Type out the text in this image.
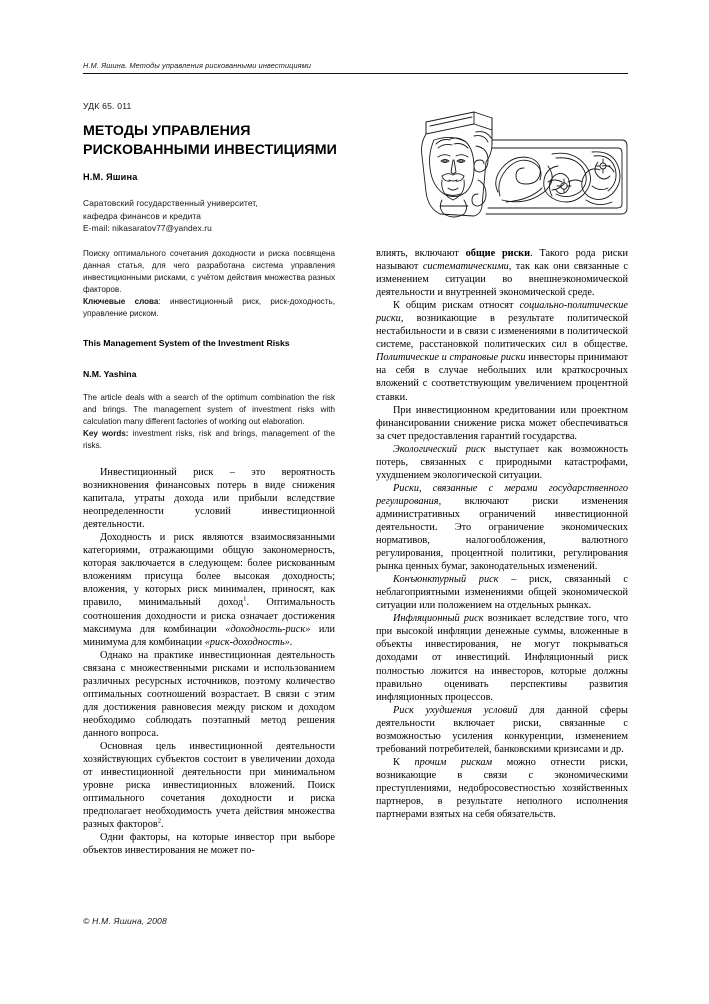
Н.М. Яшина. Методы управления рискованными инвестициями
УДК 65. 011
МЕТОДЫ УПРАВЛЕНИЯ РИСКОВАННЫМИ ИНВЕСТИЦИЯМИ
Н.М. Яшина
Саратовский государственный университет,
кафедра финансов и кредита
E-mail: nikasaratov77@yandex.ru

Поиску оптимального сочетания доходности и риска посвящена данная статья, для чего разработана система управления инвестиционными рисками, с учётом действия множества разных факторов.

Ключевые слова: инвестиционный риск, риск-доходность, управление риском.

This Management System of the Investment Risks
N.M. Yashina

The article deals with a search of the optimum combination the risk and brings. The management system of investment risks with calculation many different factories of working out elaboration.

Key words: investment risks, risk and brings, management of the risks.

Инвестиционный риск – это вероятность возникновения финансовых потерь в виде снижения капитала, утраты дохода или прибыли вследствие неопределенности условий инвестиционной деятельности.

Доходность и риск являются взаимосвязанными категориями, отражающими общую закономерность, которая заключается в следующем: более рискованным вложениям присуща более высокая доходность; вложения, у которых риск минимален, приносят, как правило, минимальный доход$^1$. Оптимальность соотношения доходности и риска означает достижения максимума для комбинации «доходность-риск» или минимума для комбинации «риск-доходность».

Однако на практике инвестиционная деятельность связана с множественными рисками и использованием различных ресурсных источников, поэтому количество оптимальных соотношений возрастает. В связи с этим для достижения равновесия между риском и доходом необходимо соблюдать поэтапный метод решения данного вопроса.

Основная цель инвестиционной деятельности хозяйствующих субъектов состоит в увеличении дохода от инвестиционной деятельности при минимальном уровне риска инвестиционных вложений. Поиск оптимального сочетания доходности и риска предполагает необходимость учета действия множества разных факторов$^2$.

Одни факторы, на которые инвестор при выборе объектов инвестирования не может по-

влиять, включают общие риски. Такого рода риски называют систематическими, так как они связанные с изменением ситуации во внешнеэкономической деятельности и внутренней экономической среде.

К общим рискам относят социально-политические риски, возникающие в результате политической нестабильности и в связи с изменениями в политической системе, расстановкой политических сил в обществе. Политические и страновые риски инвесторы принимают на себя в случае небольших или краткосрочных вложений с соответствующим увеличением процентной ставки.

При инвестиционном кредитовании или проектном финансировании снижение риска может обеспечиваться за счет предоставления гарантий государства.

Экологический риск выступает как возможность потерь, связанных с природными катастрофами, ухудшением экологической ситуации.

Риски, связанные с мерами государственного регулирования, включают риски изменения административных ограничений инвестиционной деятельности. Это ограничение экономических нормативов, налогообложения, валютного регулирования, процентной политики, регулирования рынка ценных бумаг, законодательных изменений.

Конъюнктурный риск – риск, связанный с неблагоприятными изменениями общей экономической ситуации или положением на отдельных рынках.

Инфляционный риск возникает вследствие того, что при высокой инфляции денежные суммы, вложенные в объекты инвестирования, не могут покрываться доходами от инвестиций. Инфляционный риск полностью ложится на инвесторов, которые должны правильно оценивать перспективы развития инфляционных процессов.

Риск ухудшения условий для данной сферы деятельности включает риски, связанные с возможностью усиления конкуренции, изменением требований потребителей, банковскими кризисами и др.

К прочим рискам можно отнести риски, возникающие в связи с экономическими преступлениями, недобросовестностью хозяйственных партнеров, в результате неполного исполнения партнерами взятых на себя обязательств.

© Н.М. Яшина, 2008
